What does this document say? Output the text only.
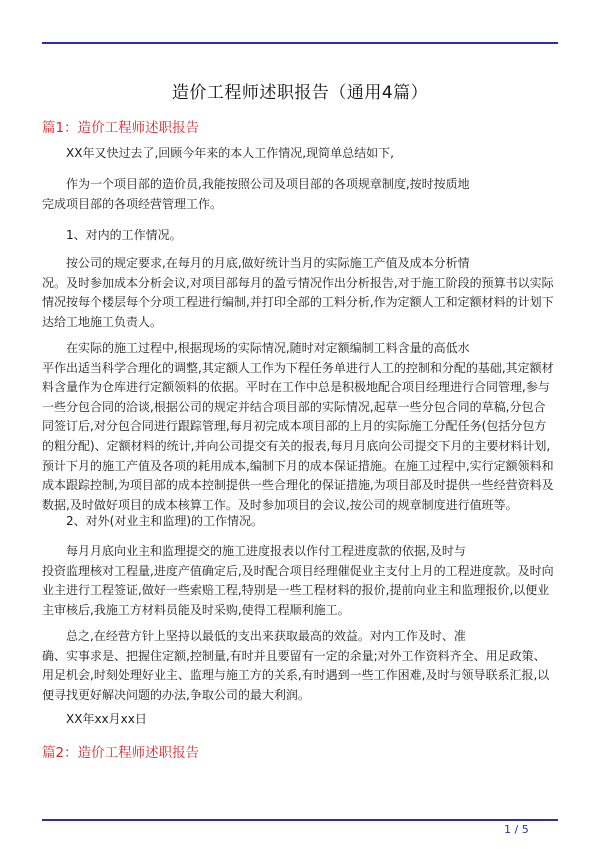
造价工程师述职报告（通用4篇）
篇1：造价工程师述职报告
XX年又快过去了,回顾今年来的本人工作情况,现简单总结如下,
作为一个项目部的造价员,我能按照公司及项目部的各项规章制度,按时按质地
完成项目部的各项经营管理工作。
1、对内的工作情况。
按公司的规定要求,在每月的月底,做好统计当月的实际施工产值及成本分析情
况。及时参加成本分析会议,对项目部每月的盈亏情况作出分析报告,对于施工阶段的预算书以实际
情况按每个楼层每个分项工程进行编制,并打印全部的工料分析,作为定额人工和定额材料的计划下
达给工地施工负责人。
在实际的施工过程中,根据现场的实际情况,随时对定额编制工料含量的高低水
平作出适当科学合理化的调整,其定额人工作为下程任务单进行人工的控制和分配的基础,其定额材
料含量作为仓库进行定额领料的依据。平时在工作中总是积极地配合项目经理进行合同管理,参与
一些分包合同的洽谈,根据公司的规定并结合项目部的实际情况,起草一些分包合同的草稿,分包合
同签订后,对分包合同进行跟踪管理,每月初完成本项目部的上月的实际施工分配任务(包括分包方
的粗分配)、定额材料的统计,并向公司提交有关的报表,每月月底向公司提交下月的主要材料计划,
预计下月的施工产值及各项的耗用成本,编制下月的成本保证措施。在施工过程中,实行定额领料和
成本跟踪控制,为项目部的成本控制提供一些合理化的保证措施,为项目部及时提供一些经营资料及
数据,及时做好项目的成本核算工作。及时参加项目的会议,按公司的规章制度进行值班等。
2、对外(对业主和监理)的工作情况。
每月月底向业主和监理提交的施工进度报表以作付工程进度款的依据,及时与
投资监理核对工程量,进度产值确定后,及时配合项目经理催促业主支付上月的工程进度款。及时向
业主进行工程签证,做好一些索赔工程,特别是一些工程材料的报价,提前向业主和监理报价,以便业
主审核后,我施工方材料员能及时采购,使得工程顺利施工。
总之,在经营方针上坚持以最低的支出来获取最高的效益。对内工作及时、准
确、实事求是、把握住定额,控制量,有时并且要留有一定的余量;对外工作资料齐全、用足政策、
用足机会,时刻处理好业主、监理与施工方的关系,有时遇到一些工作困难,及时与领导联系汇报,以
便寻找更好解决问题的办法,争取公司的最大利润。
XX年xx月xx日
篇2：造价工程师述职报告
1 / 5
